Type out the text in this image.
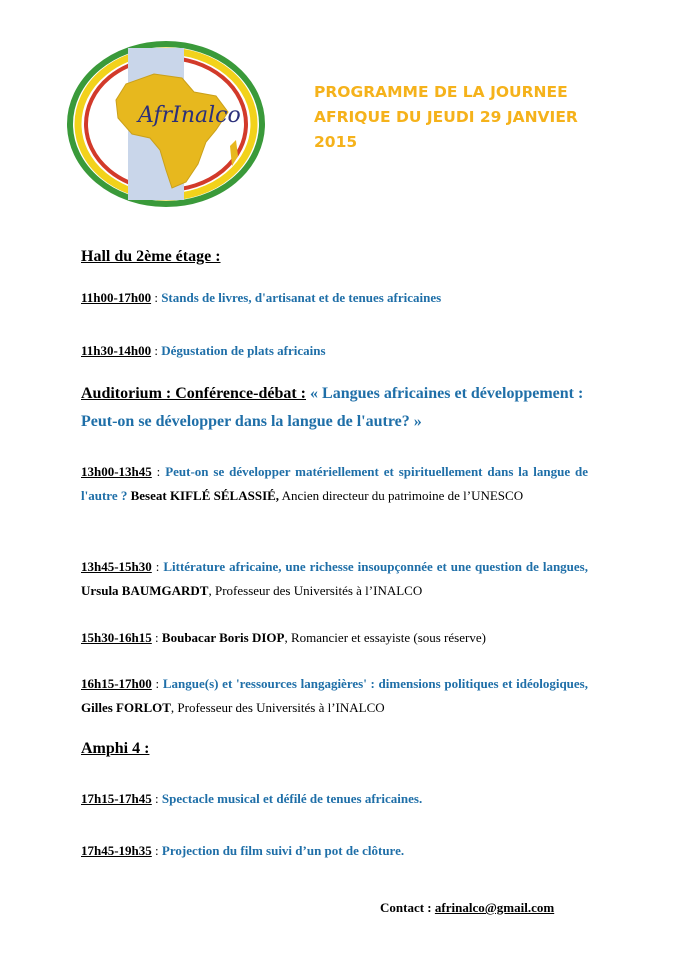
AfrInalco
PROGRAMME DE LA JOURNEE
AFRIQUE DU JEUDI 29 JANVIER
2015
Hall du 2ème étage :
11h00-17h00 : Stands de livres, d'artisanat et de tenues africaines
11h30-14h00 : Dégustation de plats africains
Auditorium : Conférence-débat : « Langues africaines et développement : Peut-on se développer dans la langue de l'autre? »
13h00-13h45 : Peut-on se développer matériellement et spirituellement dans la langue de l'autre ? Beseat KIFLÉ SÉLASSIÉ, Ancien directeur du patrimoine de l’UNESCO
13h45-15h30 : Littérature africaine, une richesse insoupçonnée et une question de langues, Ursula BAUMGARDT, Professeur des Universités à l’INALCO
15h30-16h15 : Boubacar Boris DIOP, Romancier et essayiste (sous réserve)
16h15-17h00 : Langue(s) et 'ressources langagières' : dimensions politiques et idéologiques, Gilles FORLOT, Professeur des Universités à l’INALCO
Amphi 4 :
17h15-17h45 : Spectacle musical et défilé de tenues africaines.
17h45-19h35 : Projection du film suivi d’un pot de clôture.
Contact : afrinalco@gmail.com
